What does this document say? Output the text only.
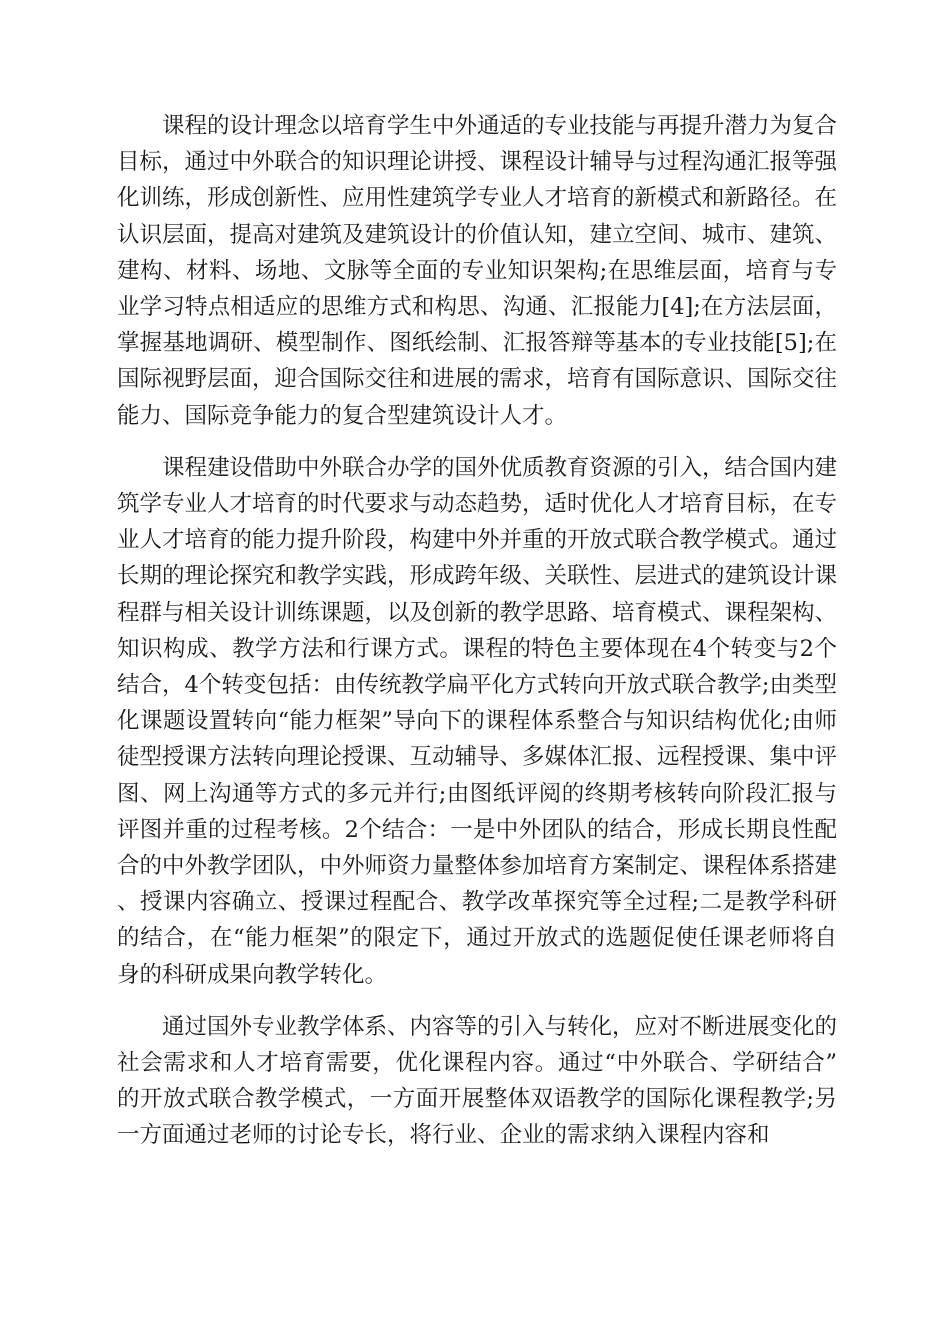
课程的设计理念以培育学生中外通适的专业技能与再提升潜力为复合目标，通过中外联合的知识理论讲授、课程设计辅导与过程沟通汇报等强化训练，形成创新性、应用性建筑学专业人才培育的新模式和新路径。在认识层面，提高对建筑及建筑设计的价值认知，建立空间、城市、建筑、建构、材料、场地、文脉等全面的专业知识架构;在思维层面，培育与专业学习特点相适应的思维方式和构思、沟通、汇报能力[4];在方法层面，掌握基地调研、模型制作、图纸绘制、汇报答辩等基本的专业技能[5];在国际视野层面，迎合国际交往和进展的需求，培育有国际意识、国际交往能力、国际竞争能力的复合型建筑设计人才。

课程建设借助中外联合办学的国外优质教育资源的引入，结合国内建筑学专业人才培育的时代要求与动态趋势，适时优化人才培育目标，在专业人才培育的能力提升阶段，构建中外并重的开放式联合教学模式。通过长期的理论探究和教学实践，形成跨年级、关联性、层进式的建筑设计课程群与相关设计训练课题，以及创新的教学思路、培育模式、课程架构、知识构成、教学方法和行课方式。课程的特色主要体现在4个转变与2个结合，4个转变包括：由传统教学扁平化方式转向开放式联合教学;由类型化课题设置转向“能力框架”导向下的课程体系整合与知识结构优化;由师徒型授课方法转向理论授课、互动辅导、多媒体汇报、远程授课、集中评图、网上沟通等方式的多元并行;由图纸评阅的终期考核转向阶段汇报与评图并重的过程考核。2个结合：一是中外团队的结合，形成长期良性配合的中外教学团队，中外师资力量整体参加培育方案制定、课程体系搭建、授课内容确立、授课过程配合、教学改革探究等全过程;二是教学科研的结合，在“能力框架”的限定下，通过开放式的选题促使任课老师将自身的科研成果向教学转化。

通过国外专业教学体系、内容等的引入与转化，应对不断进展变化的社会需求和人才培育需要，优化课程内容。通过“中外联合、学研结合”的开放式联合教学模式，一方面开展整体双语教学的国际化课程教学;另一方面通过老师的讨论专长，将行业、企业的需求纳入课程内容和
